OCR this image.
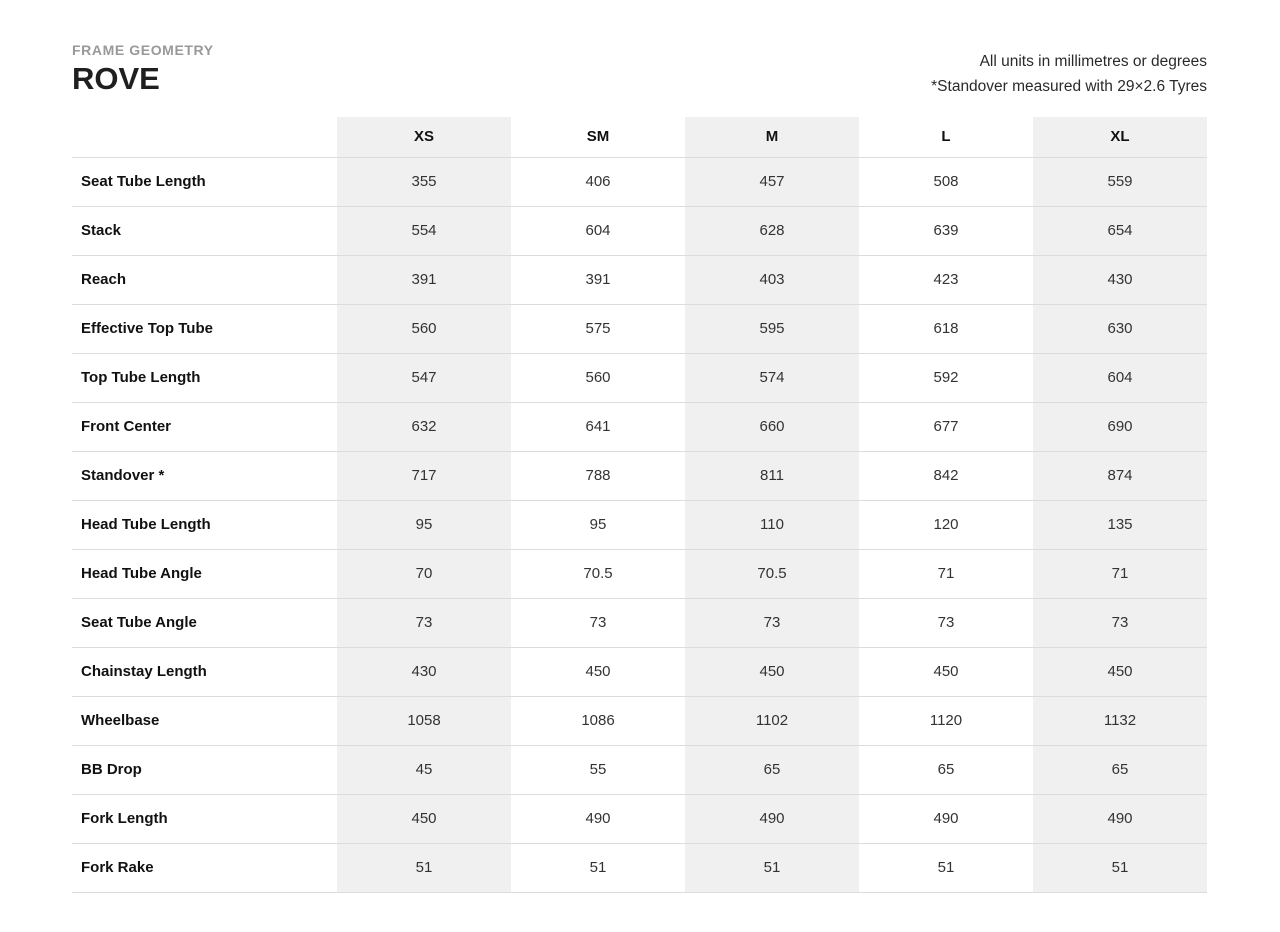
FRAME GEOMETRY
ROVE	All units in millimetres or degrees
*Standover measured with 29×2.6 Tyres
	XS	SM	M	L	XL
Seat Tube Length	355	406	457	508	559
Stack	554	604	628	639	654
Reach	391	391	403	423	430
Effective Top Tube	560	575	595	618	630
Top Tube Length	547	560	574	592	604
Front Center	632	641	660	677	690
Standover *	717	788	811	842	874
Head Tube Length	95	95	110	120	135
Head Tube Angle	70	70.5	70.5	71	71
Seat Tube Angle	73	73	73	73	73
Chainstay Length	430	450	450	450	450
Wheelbase	1058	1086	1102	1120	1132
BB Drop	45	55	65	65	65
Fork Length	450	490	490	490	490
Fork Rake	51	51	51	51	51
